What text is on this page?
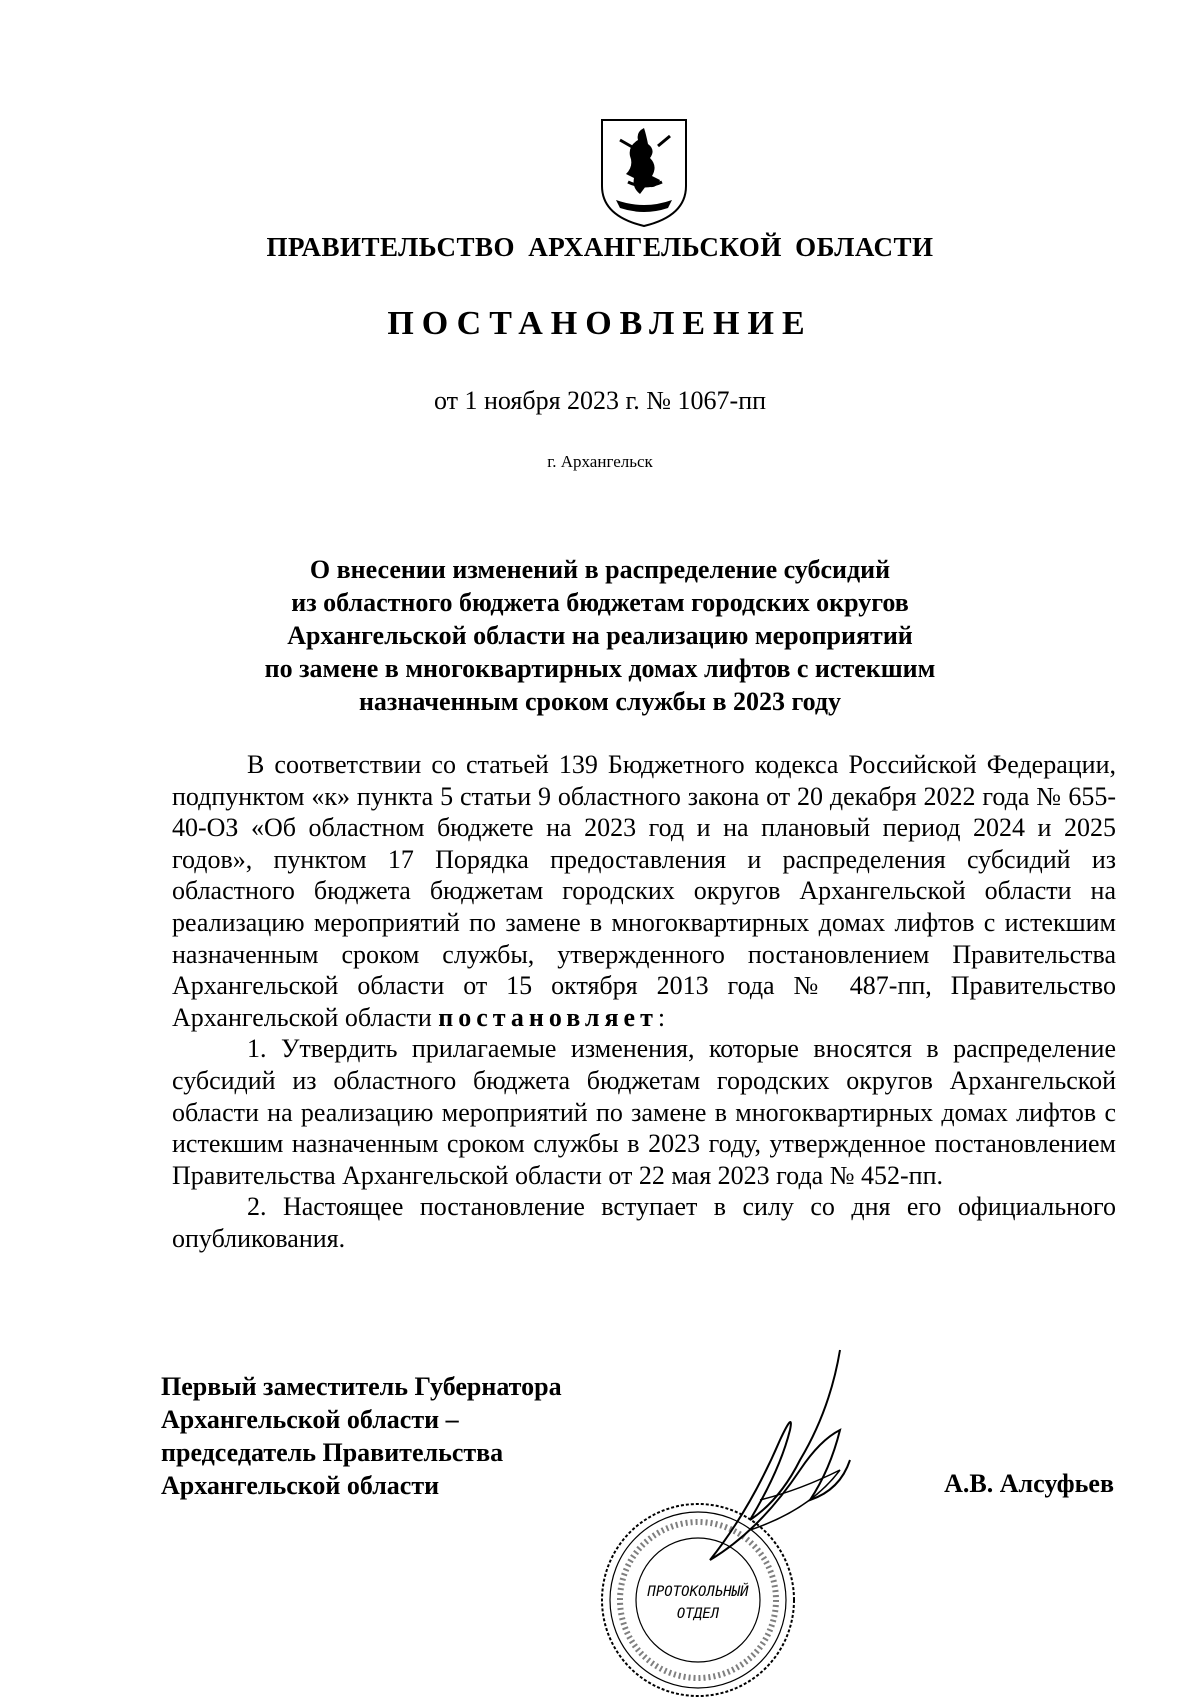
ПРАВИТЕЛЬСТВО АРХАНГЕЛЬСКОЙ ОБЛАСТИ
ПОСТАНОВЛЕНИЕ
от 1 ноября 2023 г. № 1067-пп
г. Архангельск
О внесении изменений в распределение субсидий
из областного бюджета бюджетам городских округов
Архангельской области на реализацию мероприятий
по замене в многоквартирных домах лифтов с истекшим
назначенным сроком службы в 2023 году

В соответствии со статьей 139 Бюджетного кодекса Российской Федерации, подпунктом «к» пункта 5 статьи 9 областного закона от 20 декабря 2022 года № 655-40-ОЗ «Об областном бюджете на 2023 год и на плановый период 2024 и 2025 годов», пунктом 17 Порядка предоставления и распределения субсидий из областного бюджета бюджетам городских округов Архангельской области на реализацию мероприятий по замене в многоквартирных домах лифтов с истекшим назначенным сроком службы, утвержденного постановлением Правительства Архангельской области от 15 октября 2013 года № 487-пп, Правительство Архангельской области постановляет:

1. Утвердить прилагаемые изменения, которые вносятся в распределение субсидий из областного бюджета бюджетам городских округов Архангельской области на реализацию мероприятий по замене в многоквартирных домах лифтов с истекшим назначенным сроком службы в 2023 году, утвержденное постановлением Правительства Архангельской области от 22 мая 2023 года № 452-пп.

2. Настоящее постановление вступает в силу со дня его официального опубликования.

Первый заместитель Губернатора
Архангельской области –
председатель Правительства
Архангельской области
ПРОТОКОЛЬНЫЙ
ОТДЕЛ
А.В. Алсуфьев
